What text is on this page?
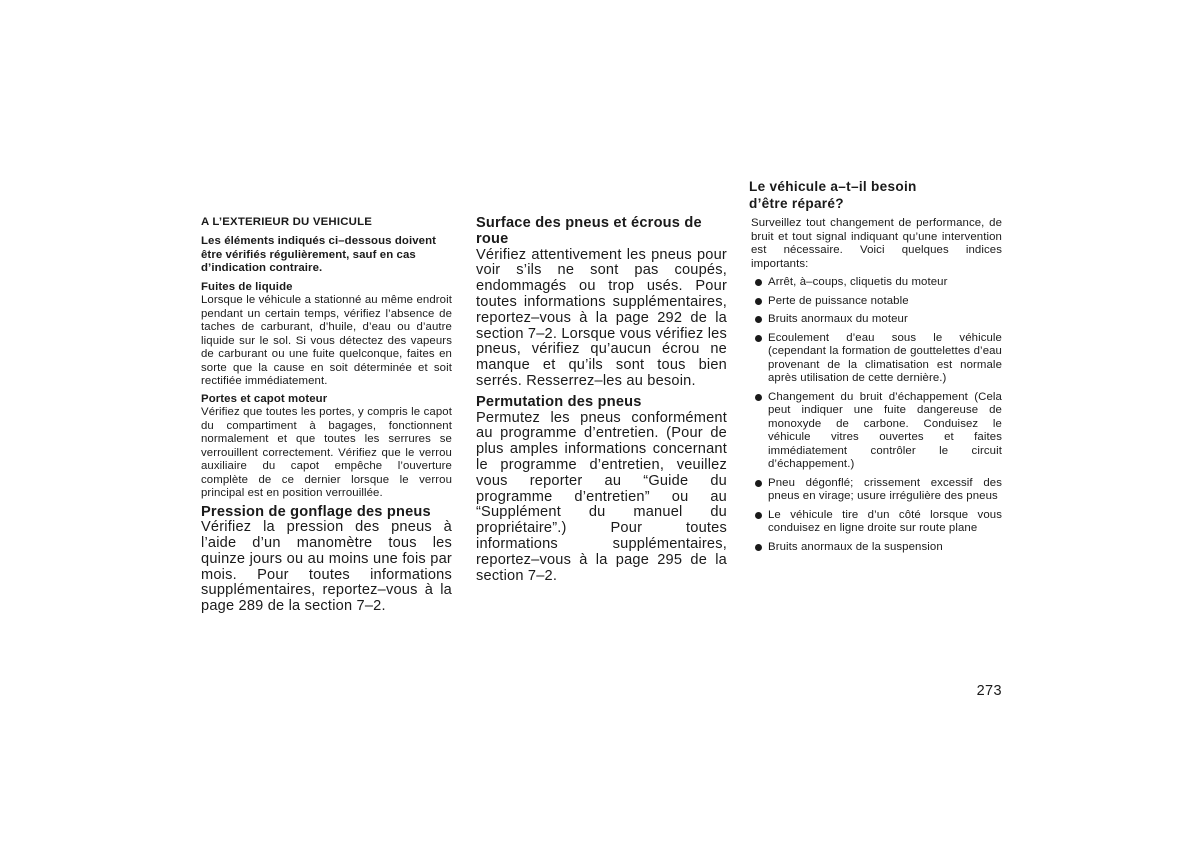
A L’EXTERIEUR DU VEHICULE

Les éléments indiqués ci–dessous doivent être vérifiés régulièrement, sauf en cas d’indication contraire.

Fuites de liquide

Lorsque le véhicule a stationné au même endroit pendant un certain temps, vérifiez l’absence de taches de carburant, d’huile, d’eau ou d’autre liquide sur le sol. Si vous détectez des vapeurs de carburant ou une fuite quelconque, faites en sorte que la cause en soit déterminée et soit rectifiée immédiatement.

Portes et capot moteur

Vérifiez que toutes les portes, y compris le capot du compartiment à bagages, fonctionnent normalement et que toutes les serrures se verrouillent correctement. Vérifiez que le verrou auxiliaire du capot empêche l’ouverture complète de ce dernier lorsque le verrou principal est en position verrouillée.

Pression de gonflage des pneus

Vérifiez la pression des pneus à l’aide d’un manomètre tous les quinze jours ou au moins une fois par mois. Pour toutes informations supplémentaires, reportez–vous à la page 289 de la section 7–2.

Surface des pneus et écrous de roue

Vérifiez attentivement les pneus pour voir s’ils ne sont pas coupés, endommagés ou trop usés. Pour toutes informations supplémentaires, reportez–vous à la page 292 de la section 7–2. Lorsque vous vérifiez les pneus, vérifiez qu’aucun écrou ne manque et qu’ils sont tous bien serrés. Resserrez–les au besoin.

Permutation des pneus

Permutez les pneus conformément au programme d’entretien. (Pour de plus amples informations concernant le programme d’entretien, veuillez vous reporter au “Guide du programme d’entretien” ou au “Supplément du manuel du propriétaire”.) Pour toutes informations supplémentaires, reportez–vous à la page 295 de la section 7–2.

Le véhicule a–t–il besoin

d’être réparé?

Surveillez tout changement de performance, de bruit et tout signal indiquant qu’une intervention est nécessaire. Voici quelques indices importants:

Arrêt, à–coups, cliquetis du moteur
Perte de puissance notable
Bruits anormaux du moteur
Ecoulement d’eau sous le véhicule (cependant la formation de gouttelettes d’eau provenant de la climatisation est normale après utilisation de cette dernière.)
Changement du bruit d’échappement (Cela peut indiquer une fuite dangereuse de monoxyde de carbone. Conduisez le véhicule vitres ouvertes et faites immédiatement contrôler le circuit d’échappement.)
Pneu dégonflé; crissement excessif des pneus en virage; usure irrégulière des pneus
Le véhicule tire d’un côté lorsque vous conduisez en ligne droite sur route plane
Bruits anormaux de la suspension
273
